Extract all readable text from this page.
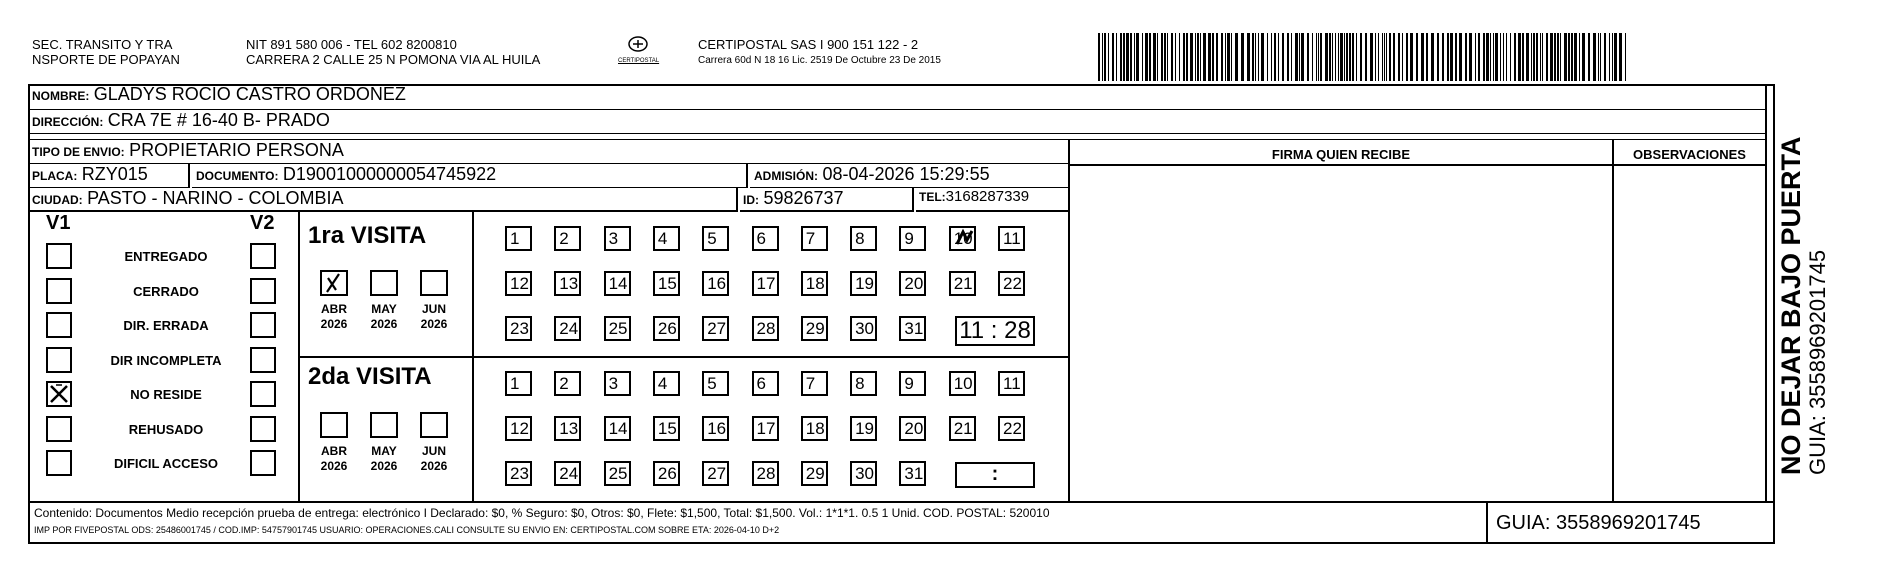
SEC. TRANSITO Y TRA
NSPORTE DE POPAYAN
NIT 891 580 006 - TEL 602 8200810
CARRERA 2 CALLE 25 N POMONA VIA AL HUILA	CERTIPOSTAL
CERTIPOSTAL SAS I 900 151 122 - 2
Carrera 60d N 18 16 Lic. 2519 De Octubre 23 De 2015
NOMBRE: GLADYS ROCIO CASTRO ORDOÑEZ
DIRECCIÓN: CRA 7E # 16-40 B- PRADO
TIPO DE ENVIO: PROPIETARIO PERSONA
PLACA: RZY015	DOCUMENTO: D19001000000054745922	ADMISIÓN: 08-04-2026 15:29:55
CIUDAD: PASTO - NARINO - COLOMBIA	ID: 59826737	TEL:3168287339
FIRMA QUIEN RECIBE	OBSERVACIONES
V1	V2
ENTREGADO
CERRADO
DIR. ERRADA
DIR INCOMPLETA
NO RESIDE
REHUSADO
DIFICIL ACCESO
1ra VISITA
2da VISITA
ABR
2026
MAY
2026
JUN
2026
ABR
2026
MAY
2026
JUN
2026
1	2	3	4	5	6	7	8	9	10 11
12 13 14 15 16 17 18 19 20 21 22
23 24 25 26 27 28 29 30 31
1	2	3	4	5	6	7	8	9	10 11
12 13 14 15 16 17 18 19 20 21 22
23 24 25 26 27 28 29 30 31
11 : 28
:
Contenido: Documentos Medio recepción prueba de entrega: electrónico I Declarado: $0, % Seguro: $0, Otros: $0, Flete: $1,500, Total: $1,500. Vol.: 1*1*1. 0.5 1 Unid. COD. POSTAL: 520010
IMP POR FIVEPOSTAL ODS: 25486001745 / COD.IMP: 54757901745 USUARIO: OPERACIONES.CALI CONSULTE SU ENVIO EN: CERTIPOSTAL.COM SOBRE ETA: 2026-04-10 D+2	GUIA: 3558969201745
NO DEJAR BAJO PUERTA GUIA: 3558969201745
